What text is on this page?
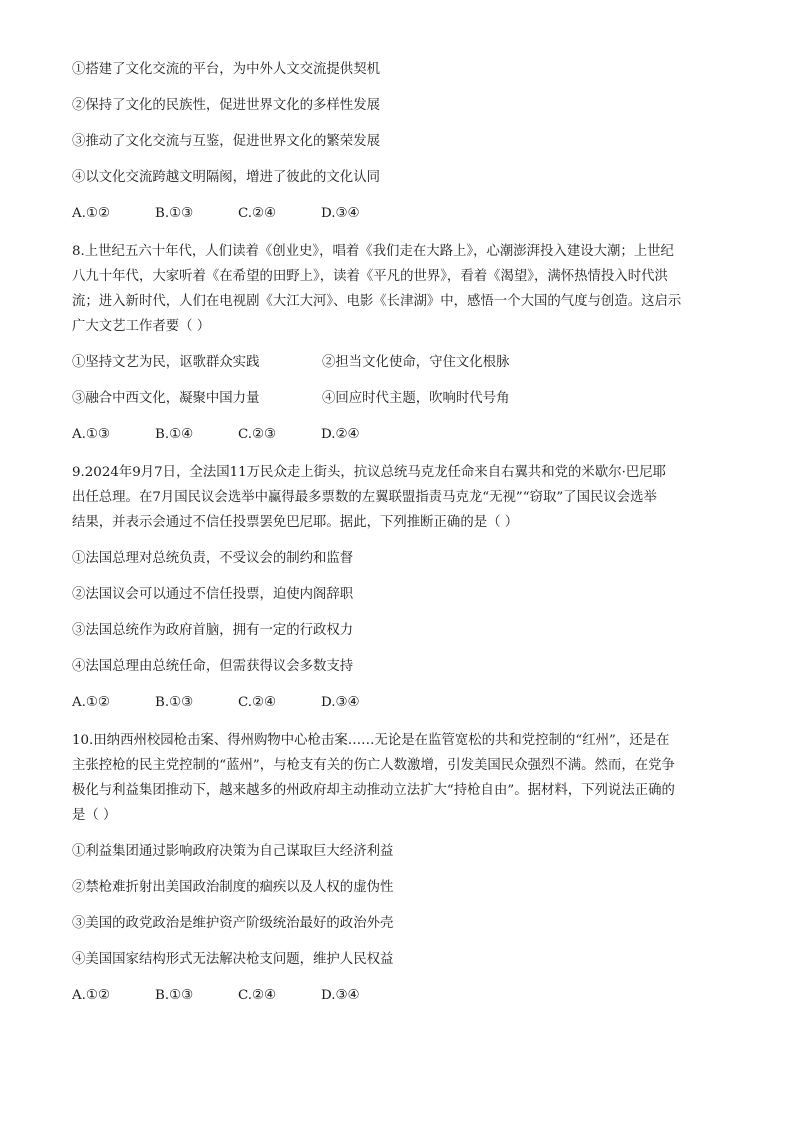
①搭建了文化交流的平台，为中外人文交流提供契机
②保持了文化的民族性，促进世界文化的多样性发展
③推动了文化交流与互鉴，促进世界文化的繁荣发展
④以文化交流跨越文明隔阂，增进了彼此的文化认同
A.①②	B.①③	C.②④	D.③④
8.上世纪五六十年代，人们读着《创业史》，唱着《我们走在大路上》，心潮澎湃投入建设大潮；上世纪
八九十年代，大家听着《在希望的田野上》，读着《平凡的世界》，看着《渴望》，满怀热情投入时代洪
流；进入新时代，人们在电视剧《大江大河》、电影《长津湖》中，感悟一个大国的气度与创造。这启示
广大文艺工作者要（ ）
①坚持文艺为民，讴歌群众实践	②担当文化使命，守住文化根脉
③融合中西文化，凝聚中国力量	④回应时代主题，吹响时代号角
A.①③	B.①④	C.②③	D.②④
9.2024年9月7日，全法国11万民众走上街头，抗议总统马克龙任命来自右翼共和党的米歇尔·巴尼耶
出任总理。在7月国民议会选举中赢得最多票数的左翼联盟指责马克龙“无视”“窃取”了国民议会选举
结果，并表示会通过不信任投票罢免巴尼耶。据此，下列推断正确的是（ ）
①法国总理对总统负责，不受议会的制约和监督
②法国议会可以通过不信任投票，迫使内阁辞职
③法国总统作为政府首脑，拥有一定的行政权力
④法国总理由总统任命，但需获得议会多数支持
A.①②	B.①③	C.②④	D.③④
10.田纳西州校园枪击案、得州购物中心枪击案……无论是在监管宽松的共和党控制的“红州”，还是在
主张控枪的民主党控制的“蓝州”，与枪支有关的伤亡人数激增，引发美国民众强烈不满。然而，在党争
极化与利益集团推动下，越来越多的州政府却主动推动立法扩大“持枪自由”。据材料，下列说法正确的
是（ ）
①利益集团通过影响政府决策为自己谋取巨大经济利益
②禁枪难折射出美国政治制度的痼疾以及人权的虚伪性
③美国的政党政治是维护资产阶级统治最好的政治外壳
④美国国家结构形式无法解决枪支问题，维护人民权益
A.①②	B.①③	C.②④	D.③④
